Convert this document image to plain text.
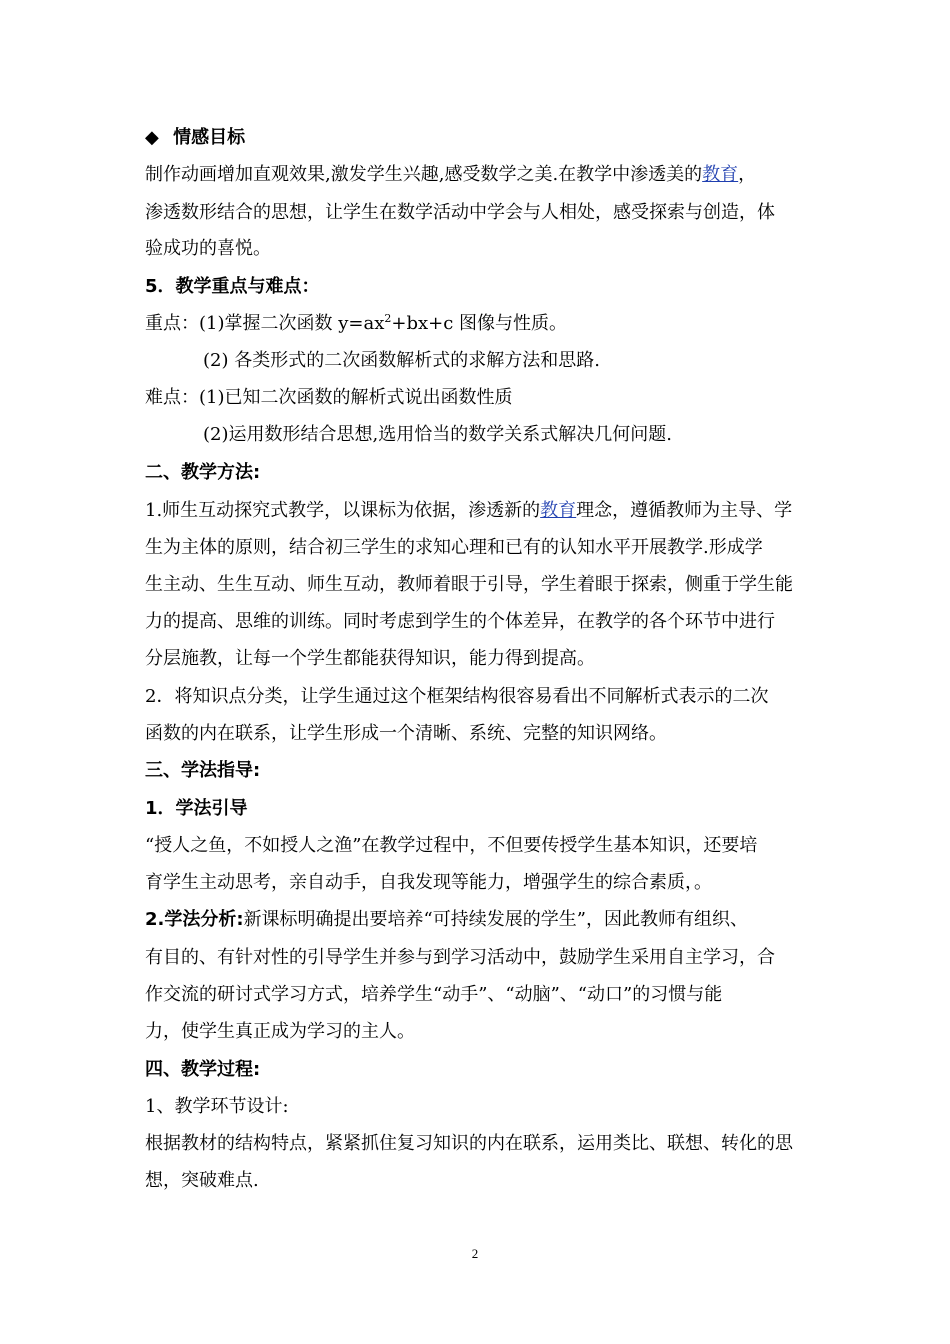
◆ 情感目标
制作动画增加直观效果,激发学生兴趣,感受数学之美.在教学中渗透美的教育，
渗透数形结合的思想，让学生在数学活动中学会与人相处，感受探索与创造，体
验成功的喜悦。
5．教学重点与难点：
重点：(1)掌握二次函数 $y=ax^2+bx+c$ 图像与性质。
(2) 各类形式的二次函数解析式的求解方法和思路.
难点：(1)已知二次函数的解析式说出函数性质
(2)运用数形结合思想,选用恰当的数学关系式解决几何问题.
二、教学方法:
1.师生互动探究式教学，以课标为依据，渗透新的教育理念，遵循教师为主导、学
生为主体的原则，结合初三学生的求知心理和已有的认知水平开展教学.形成学
生主动、生生互动、师生互动，教师着眼于引导，学生着眼于探索，侧重于学生能
力的提高、思维的训练。同时考虑到学生的个体差异，在教学的各个环节中进行
分层施教，让每一个学生都能获得知识，能力得到提高。
2．将知识点分类，让学生通过这个框架结构很容易看出不同解析式表示的二次
函数的内在联系，让学生形成一个清晰、系统、完整的知识网络。
三、学法指导:
1．学法引导
“授人之鱼，不如授人之渔”在教学过程中，不但要传授学生基本知识，还要培
育学生主动思考，亲自动手，自我发现等能力，增强学生的综合素质，。
2.学法分析:新课标明确提出要培养“可持续发展的学生”，因此教师有组织、
有目的、有针对性的引导学生并参与到学习活动中，鼓励学生采用自主学习，合
作交流的研讨式学习方式，培养学生“动手”、“动脑”、“动口”的习惯与能
力，使学生真正成为学习的主人。
四、教学过程:
1、教学环节设计:
根据教材的结构特点，紧紧抓住复习知识的内在联系，运用类比、联想、转化的思
想，突破难点.
2
